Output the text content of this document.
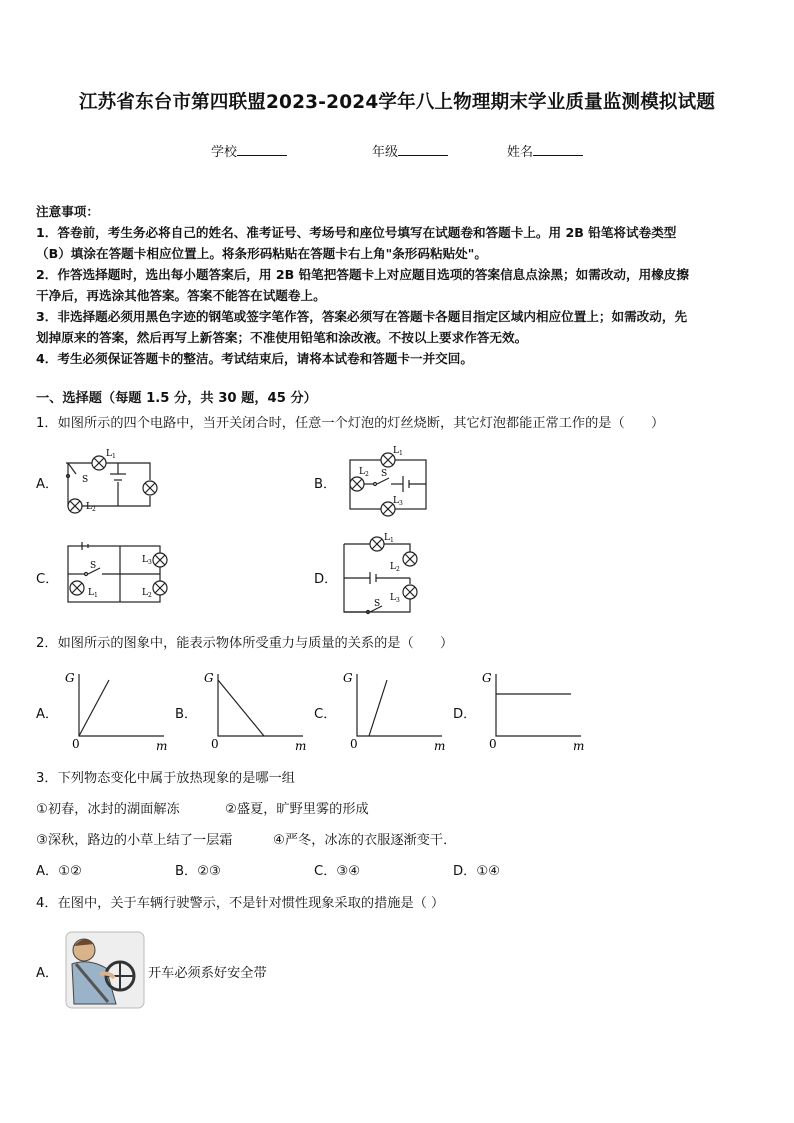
江苏省东台市第四联盟2023-2024学年八上物理期末学业质量监测模拟试题
学校	年级	姓名
注意事项：
1．答卷前，考生务必将自己的姓名、准考证号、考场号和座位号填写在试题卷和答题卡上。用 2B 铅笔将试卷类型
（B）填涂在答题卡相应位置上。将条形码粘贴在答题卡右上角"条形码粘贴处"。
2．作答选择题时，选出每小题答案后，用 2B 铅笔把答题卡上对应题目选项的答案信息点涂黑；如需改动，用橡皮擦
干净后，再选涂其他答案。答案不能答在试题卷上。
3．非选择题必须用黑色字迹的钢笔或签字笔作答，答案必须写在答题卡各题目指定区域内相应位置上；如需改动，先
划掉原来的答案，然后再写上新答案；不准使用铅笔和涂改液。不按以上要求作答无效。
4．考生必须保证答题卡的整洁。考试结束后，请将本试卷和答题卡一并交回。
一、选择题（每题 1.5 分，共 30 题，45 分）
1．如图所示的四个电路中，当开关闭合时，任意一个灯泡的灯丝烧断，其它灯泡都能正常工作的是（　　）
A．
L 1
S
L 2
B．
L 1
L 2 S
L 3
C．
S
L 3
L 2
L 1
D．
L 1
L 2
S
L 3
2．如图所示的图象中，能表示物体所受重力与质量的关系的是（　　）
A．	B．	C．	D．
G
0	m
G
0	m
G
0	m
G
0	m
3．下列物态变化中属于放热现象的是哪一组
①初春，冰封的湖面解冻	②盛夏，旷野里雾的形成
③深秋，路边的小草上结了一层霜	④严冬，冰冻的衣服逐渐变干．
A．①②	B．②③	C．③④	D．①④
4．在图中，关于车辆行驶警示，不是针对惯性现象采取的措施是（ ）
A．	开车必须系好安全带
